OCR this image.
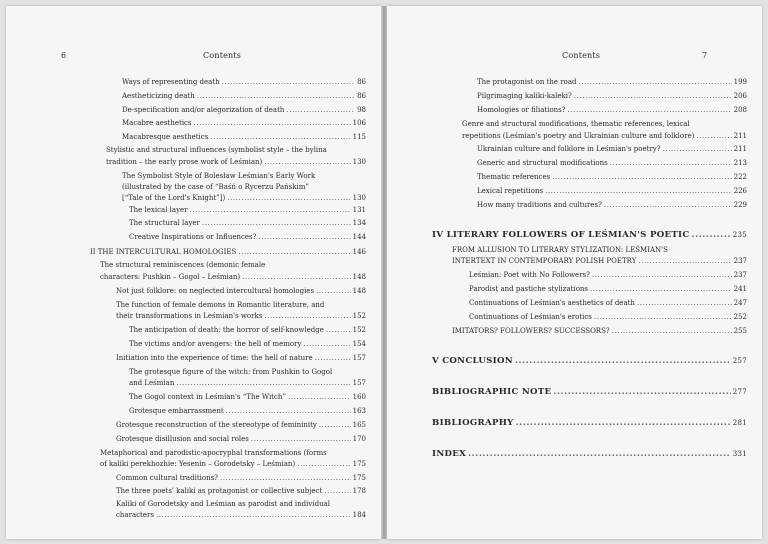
6	Contents
Ways of representing death .....	86
Aestheticizing death .....	86
De-specification and/or alegorization of death .....	98
Macabre aesthetics .....	106
Macabresque aesthetics .....	115
Stylistic and structural influences (symbolist style – the bylina
tradition – the early prose work of Leśmian) .....	130
The Symbolist Style of Bolesław Leśmian's Early Work
(illustrated by the case of “Baśń o Rycerzu Pańskim”
[“Tale of the Lord's Knight”]) .....	130
The lexical layer .....	131
The structural layer .....	134
Creative Inspirations or Influences? .....	144
II THE INTERCULTURAL HOMOLOGIES .....	146
The structural reminiscences (demonic female
characters: Pushkin – Gogol – Leśmian) .....	148
Not just folklore: on neglected intercultural homologies .....	148
The function of female demons in Romantic literature, and
their transformations in Leśmian's works .....	152
The anticipation of death: the horror of self-knowledge .....	152
The victims and/or avengers: the hell of memory .....	154
Initiation into the experience of time: the hell of nature .....	157
The grotesque figure of the witch: from Pushkin to Gogol
and Leśmian .....	157
The Gogol context in Leśmian's “The Witch” .....	160
Grotesque embarrassment .....	163
Grotesque reconstruction of the stereotype of femininity .....	165
Grotesque disillusion and social roles .....	170
Metaphorical and parodistic-apocryphal transformations (forms
of kaliki perekhozhie: Yesenin – Gorodetsky – Leśmian) .....	175
Common cultural traditions? .....	175
The three poets' kaliki as protagonist or collective subject .....	178
Kaliki of Gorodetsky and Leśmian as parodist and individual
characters .....	184
Contents	7
The protagonist on the road .....	199
Pilgrimaging kaliki-kaleki? .....	206
Homologies or filiations? .....	208
Genre and structural modifications, thematic references, lexical
repetitions (Leśmian's poetry and Ukrainian culture and folklore) .....	211
Ukrainian culture and folklore in Leśmian's poetry? .....	211
Generic and structural modifications .....	213
Thematic references .....	222
Lexical repetitions .....	226
How many traditions and cultures? .....	229
IV LITERARY FOLLOWERS OF LEŚMIAN'S POETIC .....	235
FROM ALLUSION TO LITERARY STYLIZATION: LEŚMIAN'S
INTERTEXT IN CONTEMPORARY POLISH POETRY .....	237
Leśmian: Poet with No Followers? .....	237
Parodist and pastiche stylizations .....	241
Continuations of Leśmian's aesthetics of death .....	247
Continuations of Leśmian's erotics .....	252
IMITATORS? FOLLOWERS? SUCCESSORS? .....	255
V CONCLUSION .....	257
BIBLIOGRAPHIC NOTE .....	277
BIBLIOGRAPHY .....	281
INDEX .....	331
